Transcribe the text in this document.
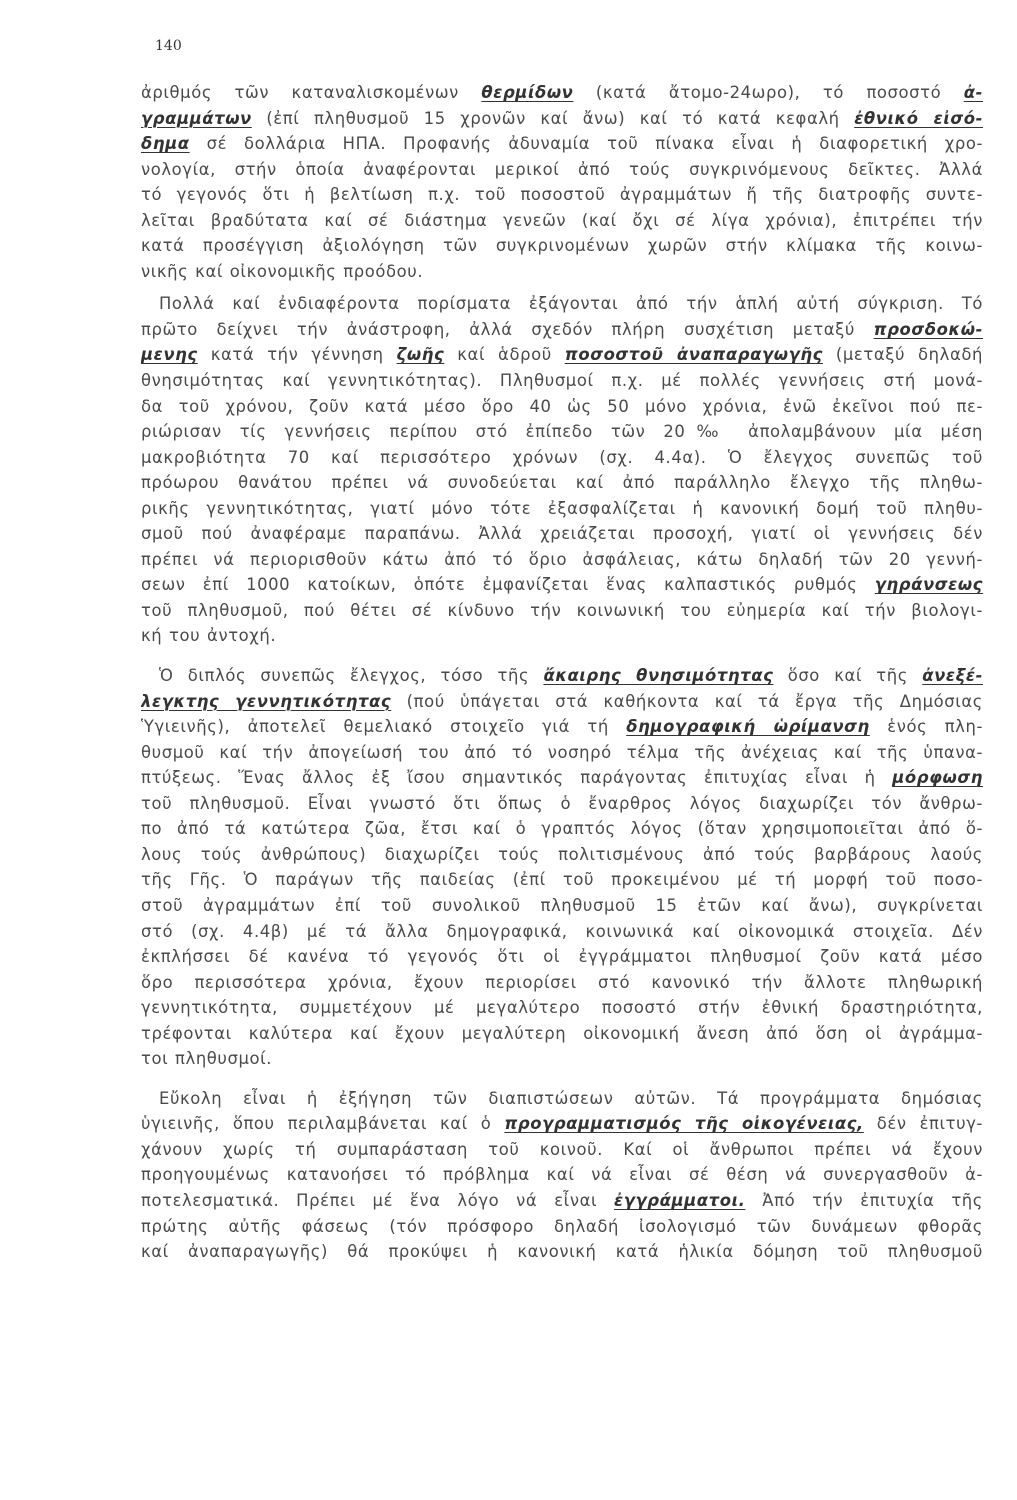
140
ἀριθμός τῶν καταναλισκομένων θερμίδων (κατά ἄτομο-24ωρο), τό ποσοστό ἀ-
γραμμάτων (ἐπί πληθυσμοῦ 15 χρονῶν καί ἄνω) καί τό κατά κεφαλή ἐθνικό εἰσό-
δημα σέ δολλάρια ΗΠΑ. Προφανής ἀδυναμία τοῦ πίνακα εἶναι ἡ διαφορετική χρο-
νολογία, στήν ὁποία ἀναφέρονται μερικοί ἀπό τούς συγκρινόμενους δεῖκτες. Ἀλλά
τό γεγονός ὅτι ἡ βελτίωση π.χ. τοῦ ποσοστοῦ ἀγραμμάτων ἤ τῆς διατροφῆς συντε-
λεῖται βραδύτατα καί σέ διάστημα γενεῶν (καί ὄχι σέ λίγα χρόνια), ἐπιτρέπει τήν
κατά προσέγγιση ἀξιολόγηση τῶν συγκρινομένων χωρῶν στήν κλίμακα τῆς κοινω-
νικῆς καί οἰκονομικῆς προόδου.
Πολλά καί ἐνδιαφέροντα πορίσματα ἐξάγονται ἀπό τήν ἁπλή αὐτή σύγκριση. Τό
πρῶτο δείχνει τήν ἀνάστροφη, ἀλλά σχεδόν πλήρη συσχέτιση μεταξύ προσδοκώ-
μενης κατά τήν γέννηση ζωῆς καί ἁδροῦ ποσοστοῦ ἀναπαραγωγῆς (μεταξύ δηλαδή
θνησιμότητας καί γεννητικότητας). Πληθυσμοί π.χ. μέ πολλές γεννήσεις στή μονά-
δα τοῦ χρόνου, ζοῦν κατά μέσο ὅρο 40 ὡς 50 μόνο χρόνια, ἐνῶ ἐκεῖνοι πού πε-
ριώρισαν τίς γεννήσεις περίπου στό ἐπίπεδο τῶν 20‰ ἀπολαμβάνουν μία μέση
μακροβιότητα 70 καί περισσότερο χρόνων (σχ. 4.4α). Ὁ ἔλεγχος συνεπῶς τοῦ
πρόωρου θανάτου πρέπει νά συνοδεύεται καί ἀπό παράλληλο ἔλεγχο τῆς πληθω-
ρικῆς γεννητικότητας, γιατί μόνο τότε ἐξασφαλίζεται ἡ κανονική δομή τοῦ πληθυ-
σμοῦ πού ἀναφέραμε παραπάνω. Ἀλλά χρειάζεται προσοχή, γιατί οἱ γεννήσεις δέν
πρέπει νά περιορισθοῦν κάτω ἀπό τό ὅριο ἀσφάλειας, κάτω δηλαδή τῶν 20 γεννή-
σεων ἐπί 1000 κατοίκων, ὁπότε ἐμφανίζεται ἕνας καλπαστικός ρυθμός γηράνσεως
τοῦ πληθυσμοῦ, πού θέτει σέ κίνδυνο τήν κοινωνική του εὐημερία καί τήν βιολογι-
κή του ἀντοχή.
Ὁ διπλός συνεπῶς ἔλεγχος, τόσο τῆς ἄκαιρης θνησιμότητας ὅσο καί τῆς ἀνεξέ-
λεγκτης γεννητικότητας (πού ὑπάγεται στά καθήκοντα καί τά ἔργα τῆς Δημόσιας
Ὑγιεινῆς), ἀποτελεῖ θεμελιακό στοιχεῖο γιά τή δημογραφική ὡρίμανση ἑνός πλη-
θυσμοῦ καί τήν ἀπογείωσή του ἀπό τό νοσηρό τέλμα τῆς ἀνέχειας καί τῆς ὑπανα-
πτύξεως. Ἕνας ἄλλος ἐξ ἴσου σημαντικός παράγοντας ἐπιτυχίας εἶναι ἡ μόρφωση
τοῦ πληθυσμοῦ. Εἶναι γνωστό ὅτι ὅπως ὁ ἔναρθρος λόγος διαχωρίζει τόν ἄνθρω-
πο ἀπό τά κατώτερα ζῶα, ἔτσι καί ὁ γραπτός λόγος (ὅταν χρησιμοποιεῖται ἀπό ὅ-
λους τούς ἀνθρώπους) διαχωρίζει τούς πολιτισμένους ἀπό τούς βαρβάρους λαούς
τῆς Γῆς. Ὁ παράγων τῆς παιδείας (ἐπί τοῦ προκειμένου μέ τή μορφή τοῦ ποσο-
στοῦ ἀγραμμάτων ἐπί τοῦ συνολικοῦ πληθυσμοῦ 15 ἐτῶν καί ἄνω), συγκρίνεται
στό (σχ. 4.4β) μέ τά ἄλλα δημογραφικά, κοινωνικά καί οἰκονομικά στοιχεῖα. Δέν
ἐκπλήσσει δέ κανένα τό γεγονός ὅτι οἱ ἐγγράμματοι πληθυσμοί ζοῦν κατά μέσο
ὅρο περισσότερα χρόνια, ἔχουν περιορίσει στό κανονικό τήν ἄλλοτε πληθωρική
γεννητικότητα, συμμετέχουν μέ μεγαλύτερο ποσοστό στήν ἐθνική δραστηριότητα,
τρέφονται καλύτερα καί ἔχουν μεγαλύτερη οἰκονομική ἄνεση ἀπό ὅση οἱ ἀγράμμα-
τοι πληθυσμοί.
Εὔκολη εἶναι ἡ ἐξήγηση τῶν διαπιστώσεων αὐτῶν. Τά προγράμματα δημόσιας
ὑγιεινῆς, ὅπου περιλαμβάνεται καί ὁ προγραμματισμός τῆς οἰκογένειας, δέν ἐπιτυγ-
χάνουν χωρίς τή συμπαράσταση τοῦ κοινοῦ. Καί οἱ ἄνθρωποι πρέπει νά ἔχουν
προηγουμένως κατανοήσει τό πρόβλημα καί νά εἶναι σέ θέση νά συνεργασθοῦν ἀ-
ποτελεσματικά. Πρέπει μέ ἕνα λόγο νά εἶναι ἐγγράμματοι. Ἀπό τήν ἐπιτυχία τῆς
πρώτης αὐτῆς φάσεως (τόν πρόσφορο δηλαδή ἰσολογισμό τῶν δυνάμεων φθορᾶς
καί ἀναπαραγωγῆς) θά προκύψει ἡ κανονική κατά ἡλικία δόμηση τοῦ πληθυσμοῦ
